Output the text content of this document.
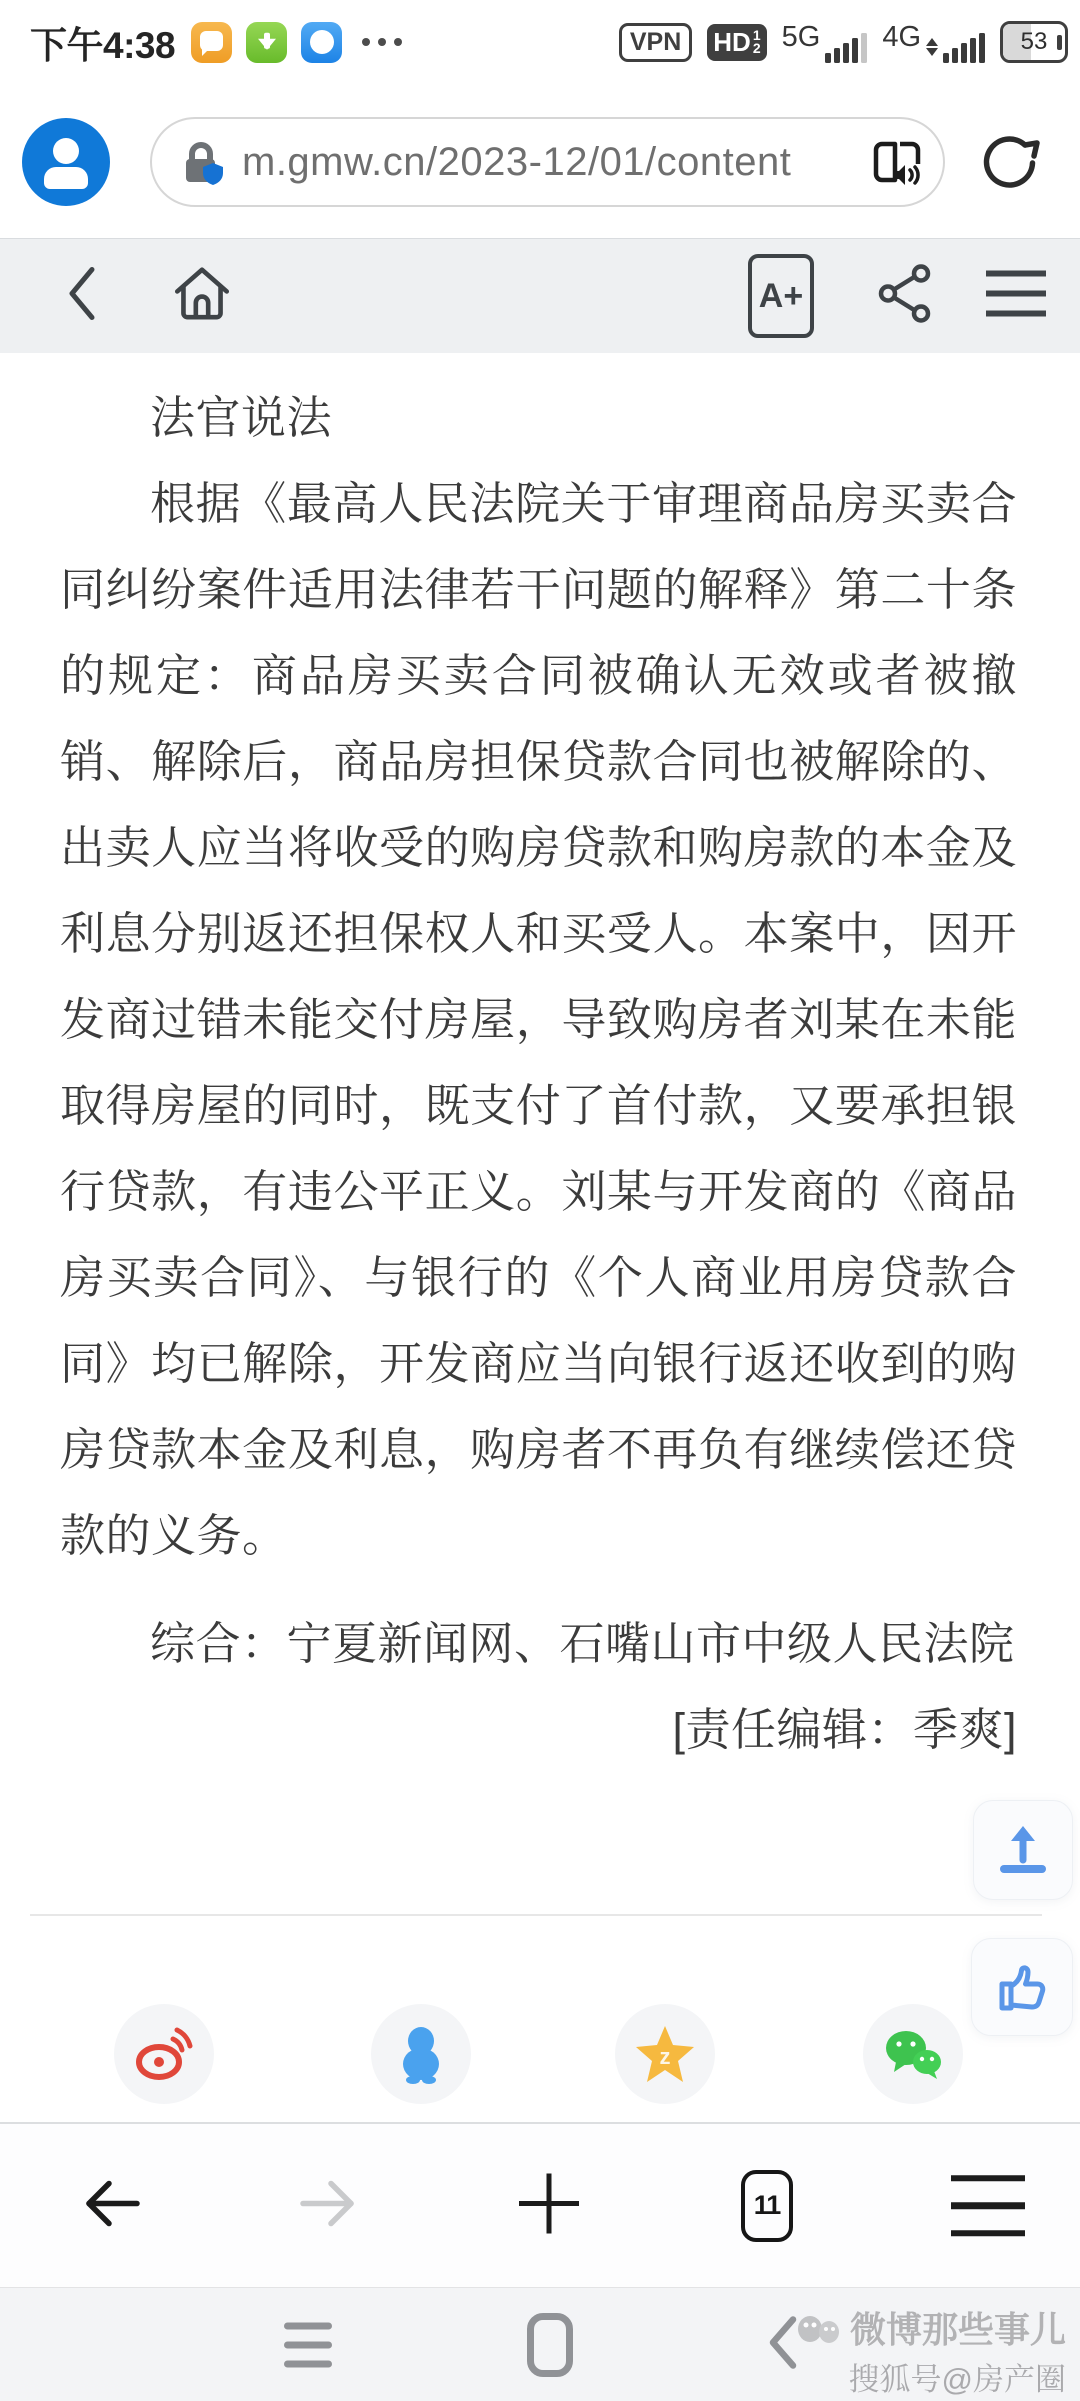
下午4:38	VPN	HD 1
2 5G 4G	53
m.gmw.cn/2023-12/01/content
A+

法官说法

根据《最高人民法院关于审理商品房买卖合同纠纷案件适用法律若干问题的解释》第二十条的规定：商品房买卖合同被确认无效或者被撤销、解除后，商品房担保贷款合同也被解除的、出卖人应当将收受的购房贷款和购房款的本金及利息分别返还担保权人和买受人。本案中，因开发商过错未能交付房屋，导致购房者刘某在未能取得房屋的同时，既支付了首付款，又要承担银行贷款，有违公平正义。刘某与开发商的《商品房买卖合同》、与银行的《个人商业用房贷款合同》均已解除，开发商应当向银行返还收到的购房贷款本金及利息，购房者不再负有继续偿还贷款的义务。

综合：宁夏新闻网、石嘴山市中级人民法院

[责任编辑：季爽]

z
11
微博那些事儿
搜狐号@房产圈
